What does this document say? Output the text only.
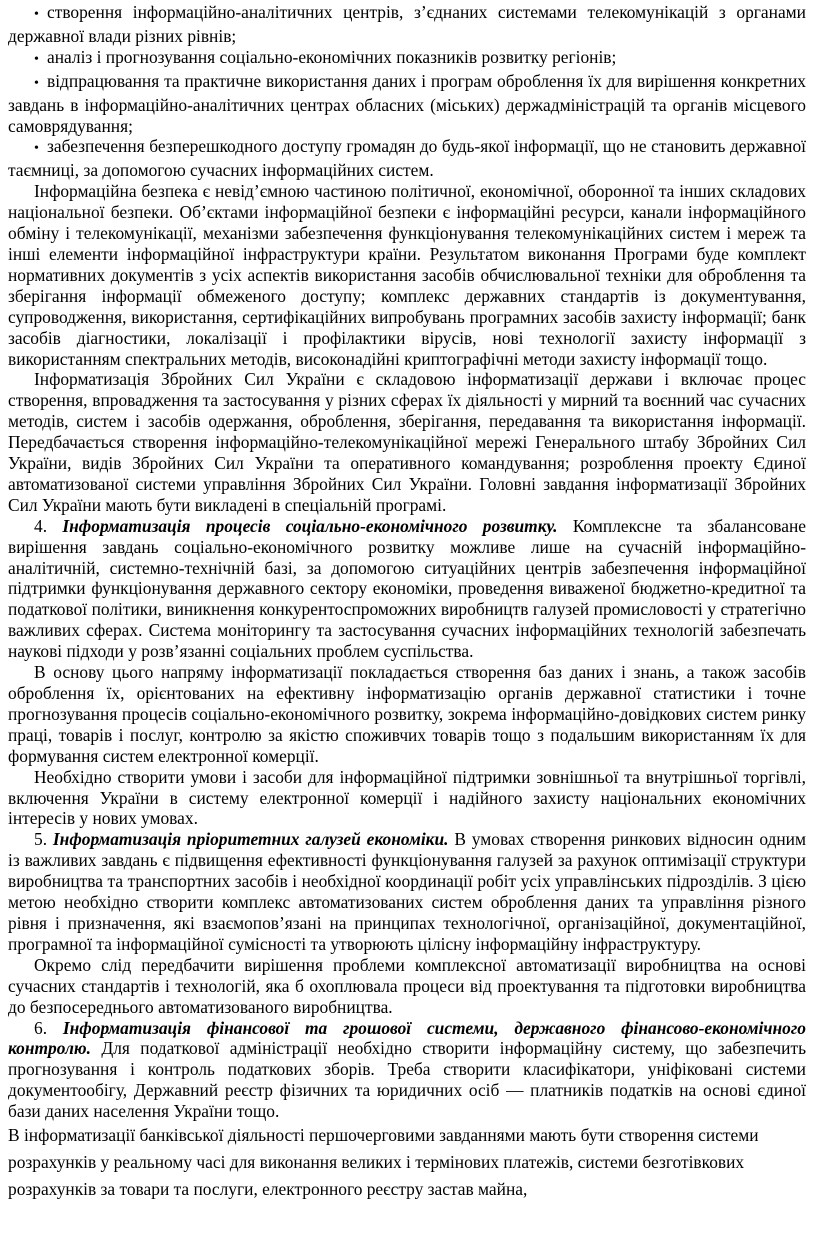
• створення інформаційно-аналітичних центрів, з’єднаних системами телекомунікацій з органами державної влади різних рівнів;

• аналіз і прогнозування соціально-економічних показників розвитку регіонів;

• відпрацювання та практичне використання даних і програм оброблення їх для вирішення конкретних завдань в інформаційно-аналітичних центрах обласних (міських) держадміністрацій та органів місцевого самоврядування;

• забезпечення безперешкодного доступу громадян до будь-якої інформації, що не становить державної таємниці, за допомогою сучасних інформаційних систем.

Інформаційна безпека є невід’ємною частиною політичної, економічної, оборонної та інших складових національної безпеки. Об’єктами інформаційної безпеки є інформаційні ресурси, канали інформаційного обміну і телекомунікації, механізми забезпечення функціонування телекомунікаційних систем і мереж та інші елементи інформаційної інфраструктури країни. Результатом виконання Програми буде комплект нормативних документів з усіх аспектів використання засобів обчислювальної техніки для оброблення та зберігання інформації обмеженого доступу; комплекс державних стандартів із документування, супроводження, використання, сертифікаційних випробувань програмних засобів захисту інформації; банк засобів діагностики, локалізації і профілактики вірусів, нові технології захисту інформації з використанням спектральних методів, високонадійні криптографічні методи захисту інформації тощо.

Інформатизація Збройних Сил України є складовою інформатизації держави і включає процес створення, впровадження та застосування у різних сферах їх діяльності у мирний та воєнний час сучасних методів, систем і засобів одержання, оброблення, зберігання, передавання та використання інформації. Передбачається створення інформаційно-телекомунікаційної мережі Генерального штабу Збройних Сил України, видів Збройних Сил України та оперативного командування; розроблення проекту Єдиної автоматизованої системи управління Збройних Сил України. Головні завдання інформатизації Збройних Сил України мають бути викладені в спеціальній програмі.

4. Інформатизація процесів соціально-економічного розвитку. Комплексне та збалансоване вирішення завдань соціально-економічного розвитку можливе лише на сучасній інформаційно-аналітичній, системно-технічній базі, за допомогою ситуаційних центрів забезпечення інформаційної підтримки функціонування державного сектору економіки, проведення виваженої бюджетно-кредитної та податкової політики, виникнення конкурентоспроможних виробництв галузей промисловості у стратегічно важливих сферах. Система моніторингу та застосування сучасних інформаційних технологій забезпечать наукові підходи у розв’язанні соціальних проблем суспільства.

В основу цього напряму інформатизації покладається створення баз даних і знань, а також засобів оброблення їх, орієнтованих на ефективну інформатизацію органів державної статистики і точне прогнозування процесів соціально-економічного розвитку, зокрема інформаційно-довідкових систем ринку праці, товарів і послуг, контролю за якістю споживчих товарів тощо з подальшим використанням їх для формування систем електронної комерції.

Необхідно створити умови і засоби для інформаційної підтримки зовнішньої та внутрішньої торгівлі, включення України в систему електронної комерції і надійного захисту національних економічних інтересів у нових умовах.

5. Інформатизація пріоритетних галузей економіки. В умовах створення ринкових відносин одним із важливих завдань є підвищення ефективності функціонування галузей за рахунок оптимізації структури виробництва та транспортних засобів і необхідної координації робіт усіх управлінських підрозділів. З цією метою необхідно створити комплекс автоматизованих систем оброблення даних та управління різного рівня і призначення, які взаємопов’язані на принципах технологічної, організаційної, документаційної, програмної та інформаційної сумісності та утворюють цілісну інформаційну інфраструктуру.

Окремо слід передбачити вирішення проблеми комплексної автоматизації виробництва на основі сучасних стандартів і технологій, яка б охоплювала процеси від проектування та підготовки виробництва до безпосереднього автоматизованого виробництва.

6. Інформатизація фінансової та грошової системи, державного фінансово-економічного контролю. Для податкової адміністрації необхідно створити інформаційну систему, що забезпечить прогнозування і контроль податкових зборів. Треба створити класифікатори, уніфіковані системи документообігу, Державний реєстр фізичних та юридичних осіб — платників податків на основі єдиної бази даних населення України тощо.

В інформатизації банківської діяльності першочерговими завданнями мають бути створення системи розрахунків у реальному часі для виконання великих і термінових платежів, системи безготівкових розрахунків за товари та послуги, електронного реєстру застав майна,
